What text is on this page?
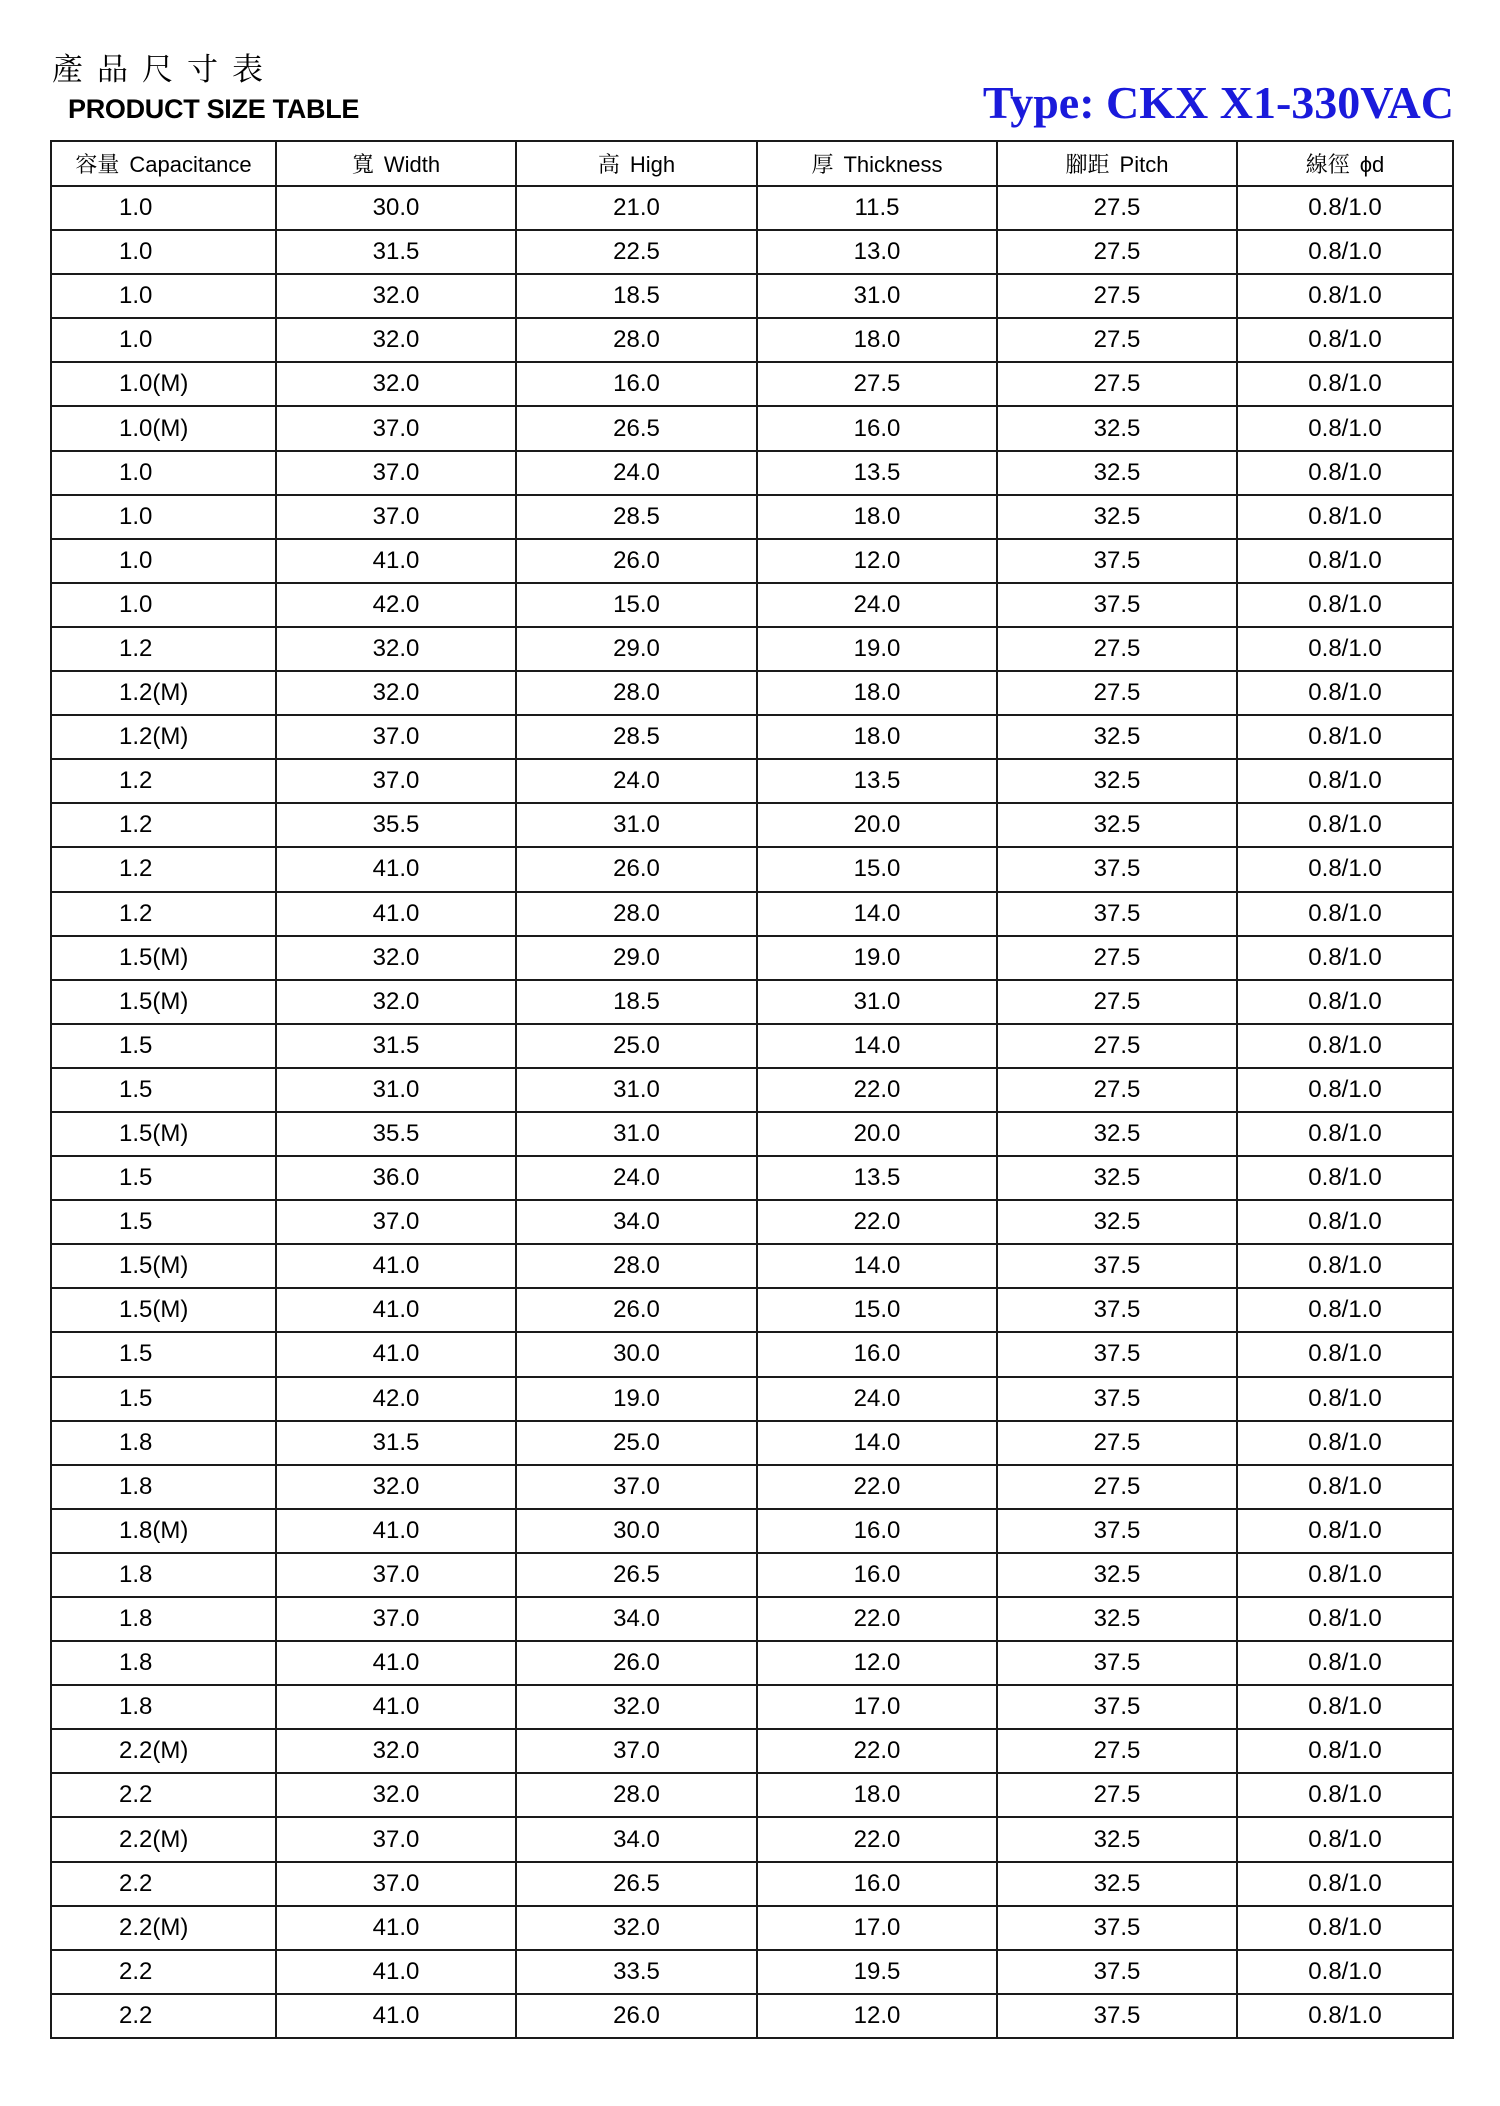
產品尺寸表
PRODUCT SIZE TABLE	Type: CKX X1-330VAC
容量 Capacitance	寬 Width	高 High	厚 Thickness	腳距 Pitch	線徑 ϕd
1.0	30.0	21.0	11.5	27.5	0.8/1.0
1.0	31.5	22.5	13.0	27.5	0.8/1.0
1.0	32.0	18.5	31.0	27.5	0.8/1.0
1.0	32.0	28.0	18.0	27.5	0.8/1.0
1.0(M)	32.0	16.0	27.5	27.5	0.8/1.0
1.0(M)	37.0	26.5	16.0	32.5	0.8/1.0
1.0	37.0	24.0	13.5	32.5	0.8/1.0
1.0	37.0	28.5	18.0	32.5	0.8/1.0
1.0	41.0	26.0	12.0	37.5	0.8/1.0
1.0	42.0	15.0	24.0	37.5	0.8/1.0
1.2	32.0	29.0	19.0	27.5	0.8/1.0
1.2(M)	32.0	28.0	18.0	27.5	0.8/1.0
1.2(M)	37.0	28.5	18.0	32.5	0.8/1.0
1.2	37.0	24.0	13.5	32.5	0.8/1.0
1.2	35.5	31.0	20.0	32.5	0.8/1.0
1.2	41.0	26.0	15.0	37.5	0.8/1.0
1.2	41.0	28.0	14.0	37.5	0.8/1.0
1.5(M)	32.0	29.0	19.0	27.5	0.8/1.0
1.5(M)	32.0	18.5	31.0	27.5	0.8/1.0
1.5	31.5	25.0	14.0	27.5	0.8/1.0
1.5	31.0	31.0	22.0	27.5	0.8/1.0
1.5(M)	35.5	31.0	20.0	32.5	0.8/1.0
1.5	36.0	24.0	13.5	32.5	0.8/1.0
1.5	37.0	34.0	22.0	32.5	0.8/1.0
1.5(M)	41.0	28.0	14.0	37.5	0.8/1.0
1.5(M)	41.0	26.0	15.0	37.5	0.8/1.0
1.5	41.0	30.0	16.0	37.5	0.8/1.0
1.5	42.0	19.0	24.0	37.5	0.8/1.0
1.8	31.5	25.0	14.0	27.5	0.8/1.0
1.8	32.0	37.0	22.0	27.5	0.8/1.0
1.8(M)	41.0	30.0	16.0	37.5	0.8/1.0
1.8	37.0	26.5	16.0	32.5	0.8/1.0
1.8	37.0	34.0	22.0	32.5	0.8/1.0
1.8	41.0	26.0	12.0	37.5	0.8/1.0
1.8	41.0	32.0	17.0	37.5	0.8/1.0
2.2(M)	32.0	37.0	22.0	27.5	0.8/1.0
2.2	32.0	28.0	18.0	27.5	0.8/1.0
2.2(M)	37.0	34.0	22.0	32.5	0.8/1.0
2.2	37.0	26.5	16.0	32.5	0.8/1.0
2.2(M)	41.0	32.0	17.0	37.5	0.8/1.0
2.2	41.0	33.5	19.5	37.5	0.8/1.0
2.2	41.0	26.0	12.0	37.5	0.8/1.0
